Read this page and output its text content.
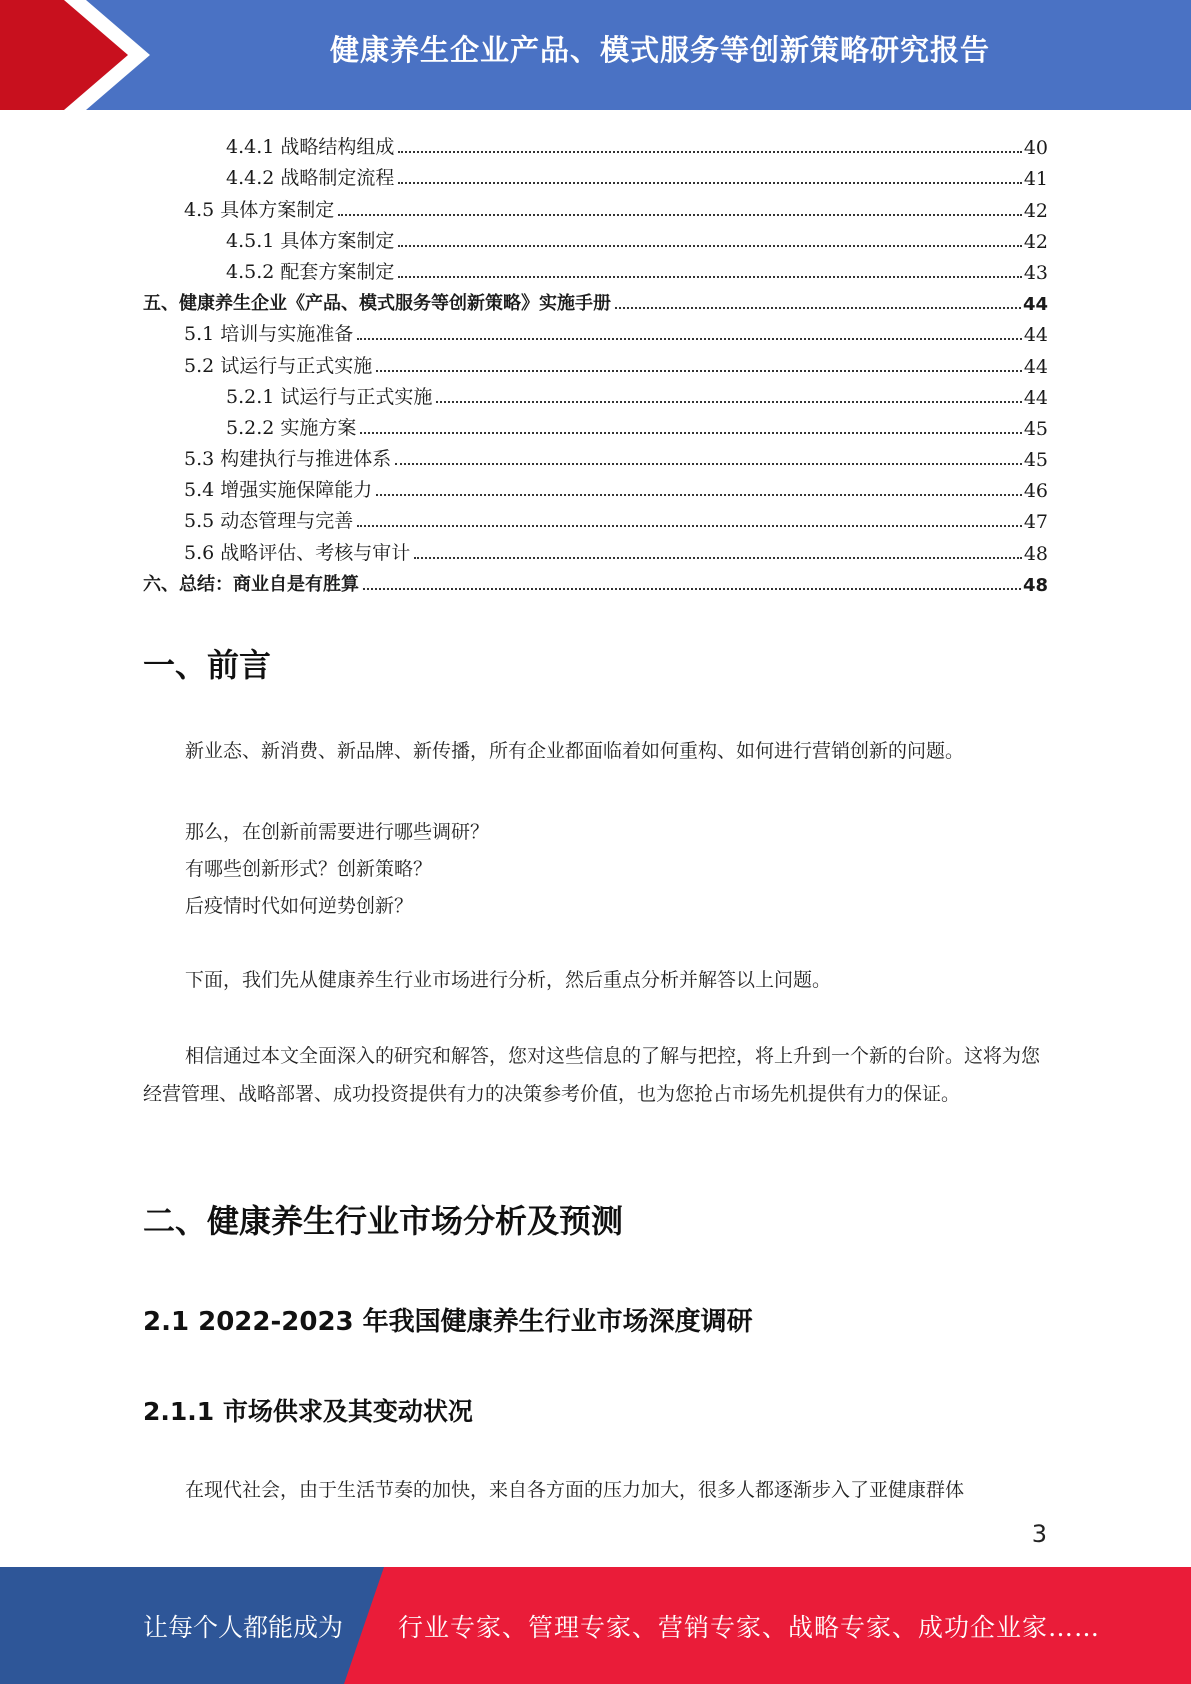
健康养生企业产品、模式服务等创新策略研究报告
4.4.1 战略结构组成	40
4.4.2 战略制定流程	41
4.5 具体方案制定	42
4.5.1 具体方案制定	42
4.5.2 配套方案制定	43
五、健康养生企业《产品、模式服务等创新策略》实施手册	44
5.1 培训与实施准备	44
5.2 试运行与正式实施	44
5.2.1 试运行与正式实施	44
5.2.2 实施方案	45
5.3 构建执行与推进体系	45
5.4 增强实施保障能力	46
5.5 动态管理与完善	47
5.6 战略评估、考核与审计	48
六、总结：商业自是有胜算	48
一、前言
新业态、新消费、新品牌、新传播，所有企业都面临着如何重构、如何进行营销创新的问题。
那么，在创新前需要进行哪些调研？
有哪些创新形式？创新策略？
后疫情时代如何逆势创新？
下面，我们先从健康养生行业市场进行分析，然后重点分析并解答以上问题。
相信通过本文全面深入的研究和解答，您对这些信息的了解与把控，将上升到一个新的台阶。这将为您经营管理、战略部署、成功投资提供有力的决策参考价值，也为您抢占市场先机提供有力的保证。
二、健康养生行业市场分析及预测
2.1 2022-2023 年我国健康养生行业市场深度调研
2.1.1 市场供求及其变动状况
在现代社会，由于生活节奏的加快，来自各方面的压力加大，很多人都逐渐步入了亚健康群体
3
让每个人都能成为 行业专家、管理专家、营销专家、战略专家、成功企业家……
